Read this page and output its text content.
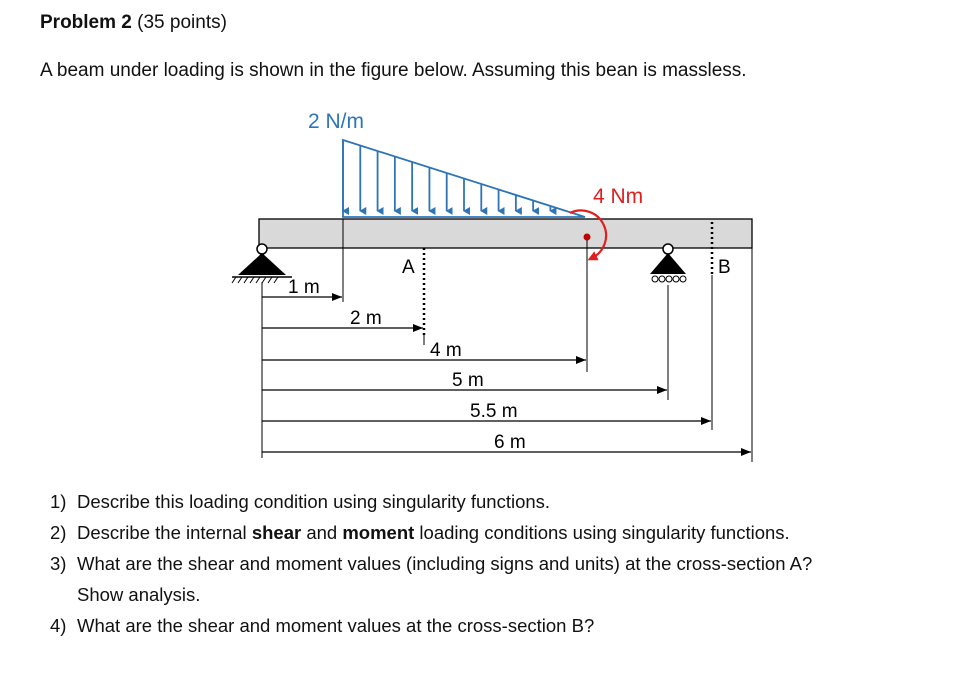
Problem 2 (35 points)
A beam under loading is shown in the figure below. Assuming this bean is massless.
2 N/m
4 Nm
A	B
1 m
2 m
4 m
5 m
5.5 m
6 m
1) Describe this loading condition using singularity functions.
2) Describe the internal shear and moment loading conditions using singularity functions.
3) What are the shear and moment values (including signs and units) at the cross-section A?
Show analysis.
4) What are the shear and moment values at the cross-section B?
